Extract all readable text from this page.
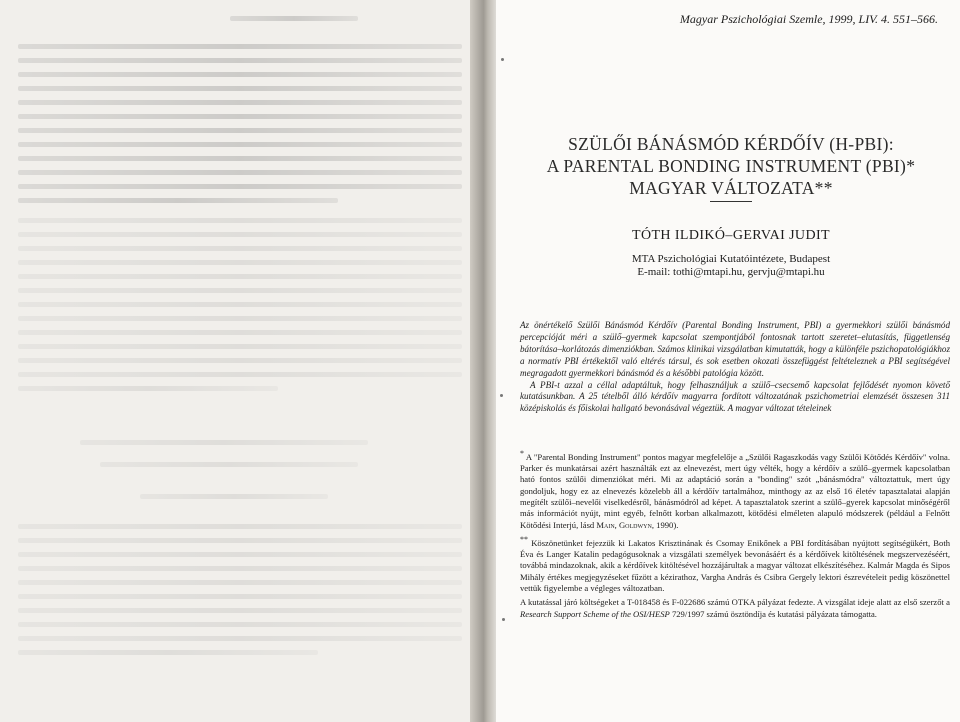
Magyar Pszichológiai Szemle, 1999, LIV. 4. 551–566.
SZÜLŐI BÁNÁSMÓD KÉRDŐÍV (H-PBI):
A PARENTAL BONDING INSTRUMENT (PBI)*
MAGYAR VÁLTOZATA**
TÓTH ILDIKÓ–GERVAI JUDIT
MTA Pszichológiai Kutatóintézete, Budapest
E-mail: tothi@mtapi.hu, gervju@mtapi.hu

Az önértékelő Szülői Bánásmód Kérdőív (Parental Bonding Instrument, PBI) a gyermekkori szülői bánásmód percepcióját méri a szülő–gyermek kapcsolat szempontjából fontosnak tartott szeretet–elutasítás, függetlenség bátorítása–korlátozás dimenziókban. Számos klinikai vizsgálatban kimutatták, hogy a különféle pszichopatológiákhoz a normatív PBI értékektől való eltérés társul, és sok esetben okozati összefüggést feltételeznek a PBI segítségével megragadott gyermekkori bánásmód és a későbbi patológia között.

A PBI-t azzal a céllal adaptáltuk, hogy felhasználjuk a szülő–csecsemő kapcsolat fejlődését nyomon követő kutatásunkban. A 25 tételből álló kérdőív magyarra fordított változatának pszichometriai elemzését összesen 311 középiskolás és főiskolai hallgató bevonásával végeztük. A magyar változat tételeinek

* A "Parental Bonding Instrument" pontos magyar megfelelője a „Szülői Ragaszkodás vagy Szülői Kötődés Kérdőív" volna. Parker és munkatársai azért használták ezt az elnevezést, mert úgy vélték, hogy a kérdőív a szülő–gyermek kapcsolatban ható fontos szülői dimenziókat méri. Mi az adaptáció során a "bonding" szót „bánásmódra" változtattuk, mert úgy gondoljuk, hogy ez az elnevezés közelebb áll a kérdőív tartalmához, minthogy az az első 16 életév tapasztalatai alapján megítélt szülői–nevelői viselkedésről, bánásmódról ad képet. A tapasztalatok szerint a szülő–gyerek kapcsolat minőségéről más információt nyújt, mint egyéb, felnőtt korban alkalmazott, kötődési elméleten alapuló módszerek (például a Felnőtt Kötődési Interjú, lásd Main, Goldwyn, 1990).

** Köszönetünket fejezzük ki Lakatos Krisztinának és Csomay Enikőnek a PBI fordításában nyújtott segítségükért, Both Éva és Langer Katalin pedagógusoknak a vizsgálati személyek bevonásáért és a kérdőívek kitöltésének megszervezéséért, továbbá mindazoknak, akik a kérdőívek kitöltésével hozzájárultak a magyar változat elkészítéséhez. Kalmár Magda és Sipos Mihály értékes megjegyzéseket fűzött a kézirathoz, Vargha András és Csibra Gergely lektori észrevételeit pedig köszönettel vettük figyelembe a végleges változatban.

A kutatással járó költségeket a T-018458 és F-022686 számú OTKA pályázat fedezte. A vizsgálat ideje alatt az első szerzőt a Research Support Scheme of the OSI/HESP 729/1997 számú ösztöndíja és kutatási pályázata támogatta.
